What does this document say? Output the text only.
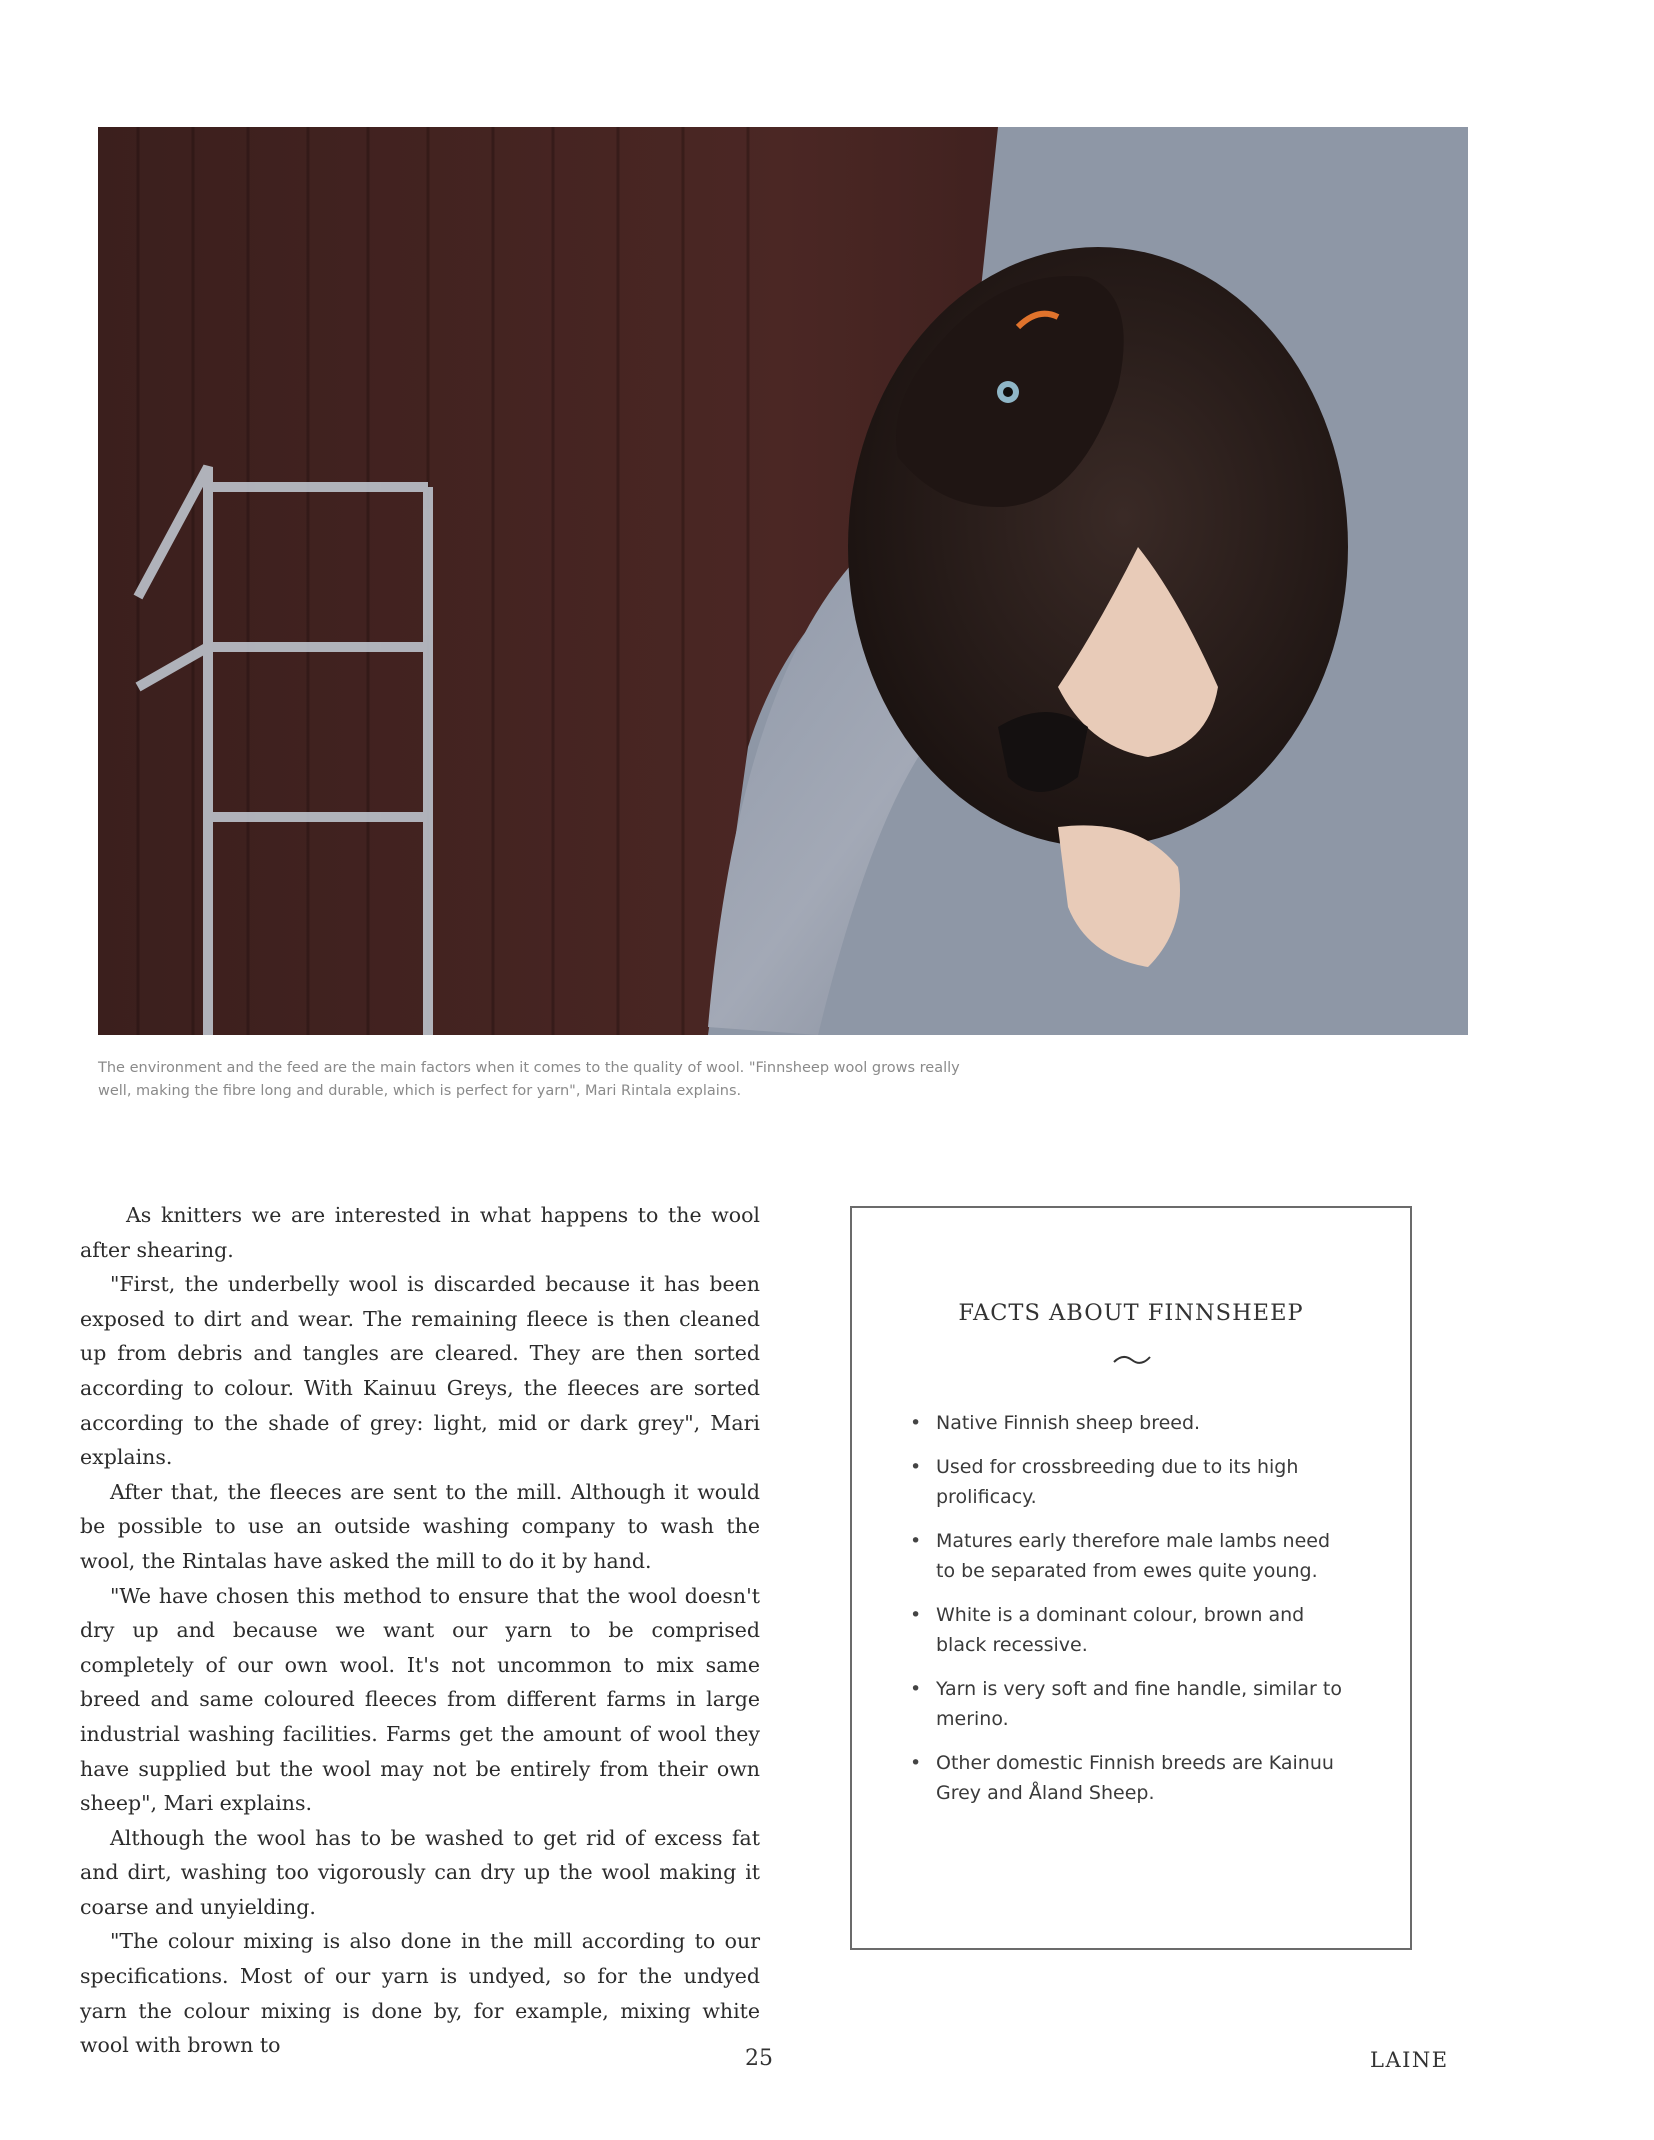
The environment and the feed are the main factors when it comes to the quality of wool. "Finnsheep wool grows really

well, making the fibre long and durable, which is perfect for yarn", Mari Rintala explains.

As knitters we are interested in what happens to the wool after shearing.

"First, the underbelly wool is discarded because it has been exposed to dirt and wear. The remaining fleece is then cleaned up from debris and tangles are cleared. They are then sorted according to colour. With Kainuu Greys, the fleeces are sorted according to the shade of grey: light, mid or dark grey", Mari explains.

After that, the fleeces are sent to the mill. Although it would be possible to use an outside washing company to wash the wool, the Rintalas have asked the mill to do it by hand.

"We have chosen this method to ensure that the wool doesn't dry up and because we want our yarn to be comprised completely of our own wool. It's not uncommon to mix same breed and same coloured fleeces from different farms in large industrial washing facilities. Farms get the amount of wool they have supplied but the wool may not be entirely from their own sheep", Mari explains.

Although the wool has to be washed to get rid of excess fat and dirt, washing too vigorously can dry up the wool making it coarse and unyielding.

"The colour mixing is also done in the mill according to our specifications. Most of our yarn is undyed, so for the undyed yarn the colour mixing is done by, for example, mixing white wool with brown to

FACTS ABOUT FINNSHEEP
• Native Finnish sheep breed.
• Used for crossbreeding due to its high prolificacy.
• Matures early therefore male lambs need to be separated from ewes quite young.
• White is a dominant colour, brown and black recessive.
• Yarn is very soft and fine handle, similar to merino.
• Other domestic Finnish breeds are Kainuu Grey and Åland Sheep.
25	LAINE
